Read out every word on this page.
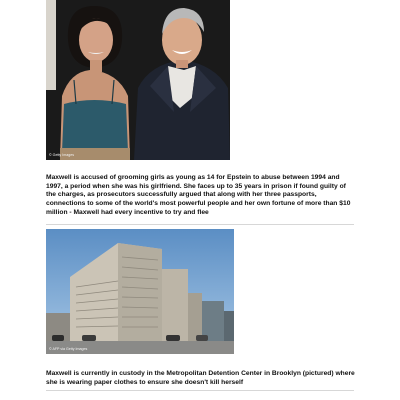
© Getty Images

Maxwell is accused of grooming girls as young as 14 for Epstein to abuse between 1994 and 1997, a period when she was his girlfriend. She faces up to 35 years in prison if found guilty of the charges, as prosecutors successfully argued that along with her three passports, connections to some of the world's most powerful people and her own fortune of more than $10 million - Maxwell had every incentive to try and flee

© AFP via Getty Images

Maxwell is currently in custody in the Metropolitan Detention Center in Brooklyn (pictured) where she is wearing paper clothes to ensure she doesn't kill herself
